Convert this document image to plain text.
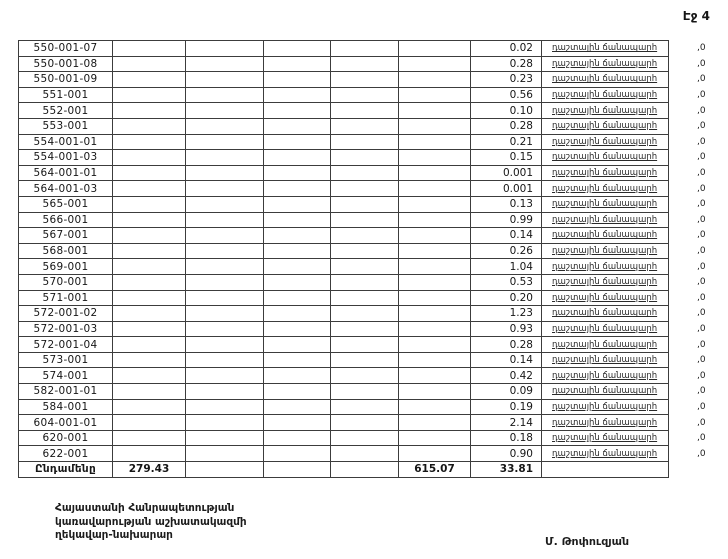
Էջ 4
550-001-07						0.02	դաշտային ճանապարհ	,0
550-001-08						0.28	դաշտային ճանապարհ	,0
550-001-09						0.23	դաշտային ճանապարհ	,0
551-001						0.56	դաշտային ճանապարհ	,0
552-001						0.10	դաշտային ճանապարհ	,0
553-001						0.28	դաշտային ճանապարհ	,0
554-001-01						0.21	դաշտային ճանապարհ	,0
554-001-03						0.15	դաշտային ճանապարհ	,0
564-001-01						0.001	դաշտային ճանապարհ	,0
564-001-03						0.001	դաշտային ճանապարհ	,0
565-001						0.13	դաշտային ճանապարհ	,0
566-001						0.99	դաշտային ճանապարհ	,0
567-001						0.14	դաշտային ճանապարհ	,0
568-001						0.26	դաշտային ճանապարհ	,0
569-001						1.04	դաշտային ճանապարհ	,0
570-001						0.53	դաշտային ճանապարհ	,0
571-001						0.20	դաշտային ճանապարհ	,0
572-001-02						1.23	դաշտային ճանապարհ	,0
572-001-03						0.93	դաշտային ճանապարհ	,0
572-001-04						0.28	դաշտային ճանապարհ	,0
573-001						0.14	դաշտային ճանապարհ	,0
574-001						0.42	դաշտային ճանապարհ	,0
582-001-01						0.09	դաշտային ճանապարհ	,0
584-001						0.19	դաշտային ճանապարհ	,0
604-001-01						2.14	դաշտային ճանապարհ	,0
620-001						0.18	դաշտային ճանապարհ	,0
622-001						0.90	դաշտային ճանապարհ	,0
Ընդամենը	279.43				615.07	33.81		
Հայաստանի Հանրապետության
կառավարության աշխատակազմի
ղեկավար-նախարար	Մ. Թոփուզյան
